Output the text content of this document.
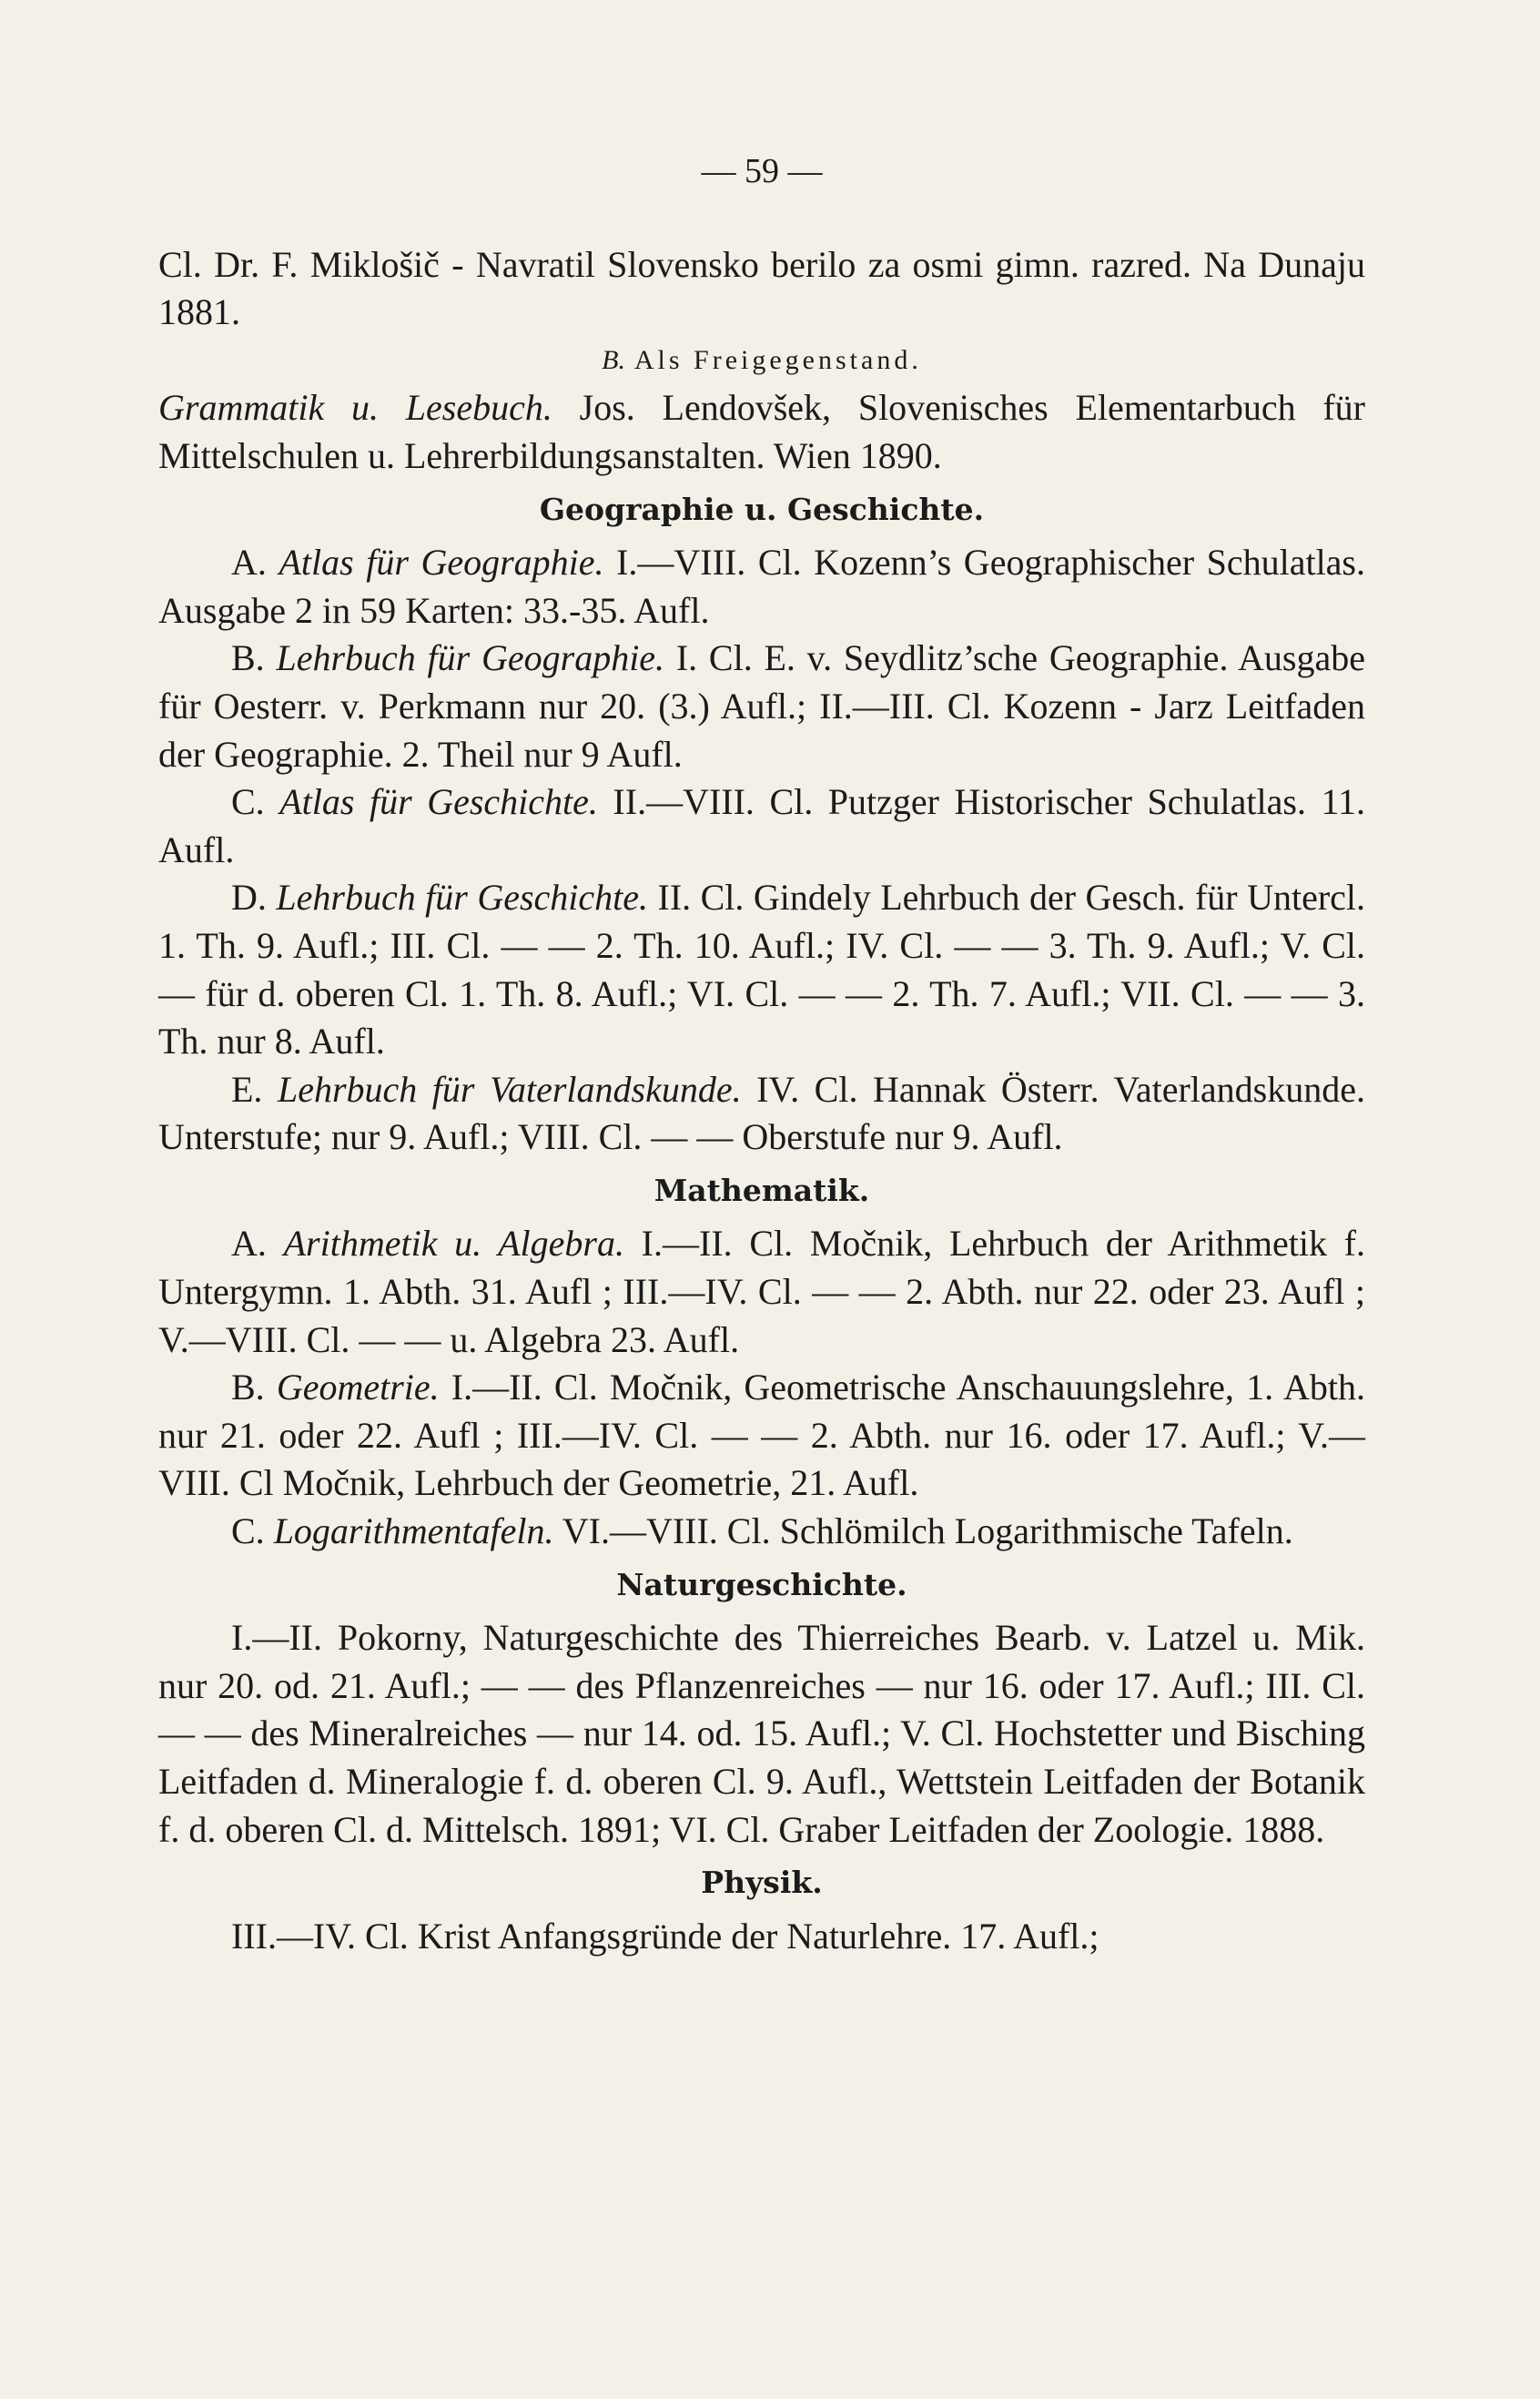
— 59 —

Cl. Dr. F. Miklošič - Navratil Slovensko berilo za osmi gimn. razred. Na Dunaju 1881.

B. Als Freigegenstand.

Grammatik u. Lesebuch. Jos. Lendovšek, Slovenisches Elementarbuch für Mittelschulen u. Lehrerbildungsanstalten. Wien 1890.

Geographie u. Geschichte.

A. Atlas für Geographie. I.—VIII. Cl. Kozenn’s Geographischer Schulatlas. Ausgabe 2 in 59 Karten: 33.-35. Aufl.

B. Lehrbuch für Geographie. I. Cl. E. v. Seydlitz’sche Geographie. Ausgabe für Oesterr. v. Perkmann nur 20. (3.) Aufl.; II.—III. Cl. Kozenn - Jarz Leitfaden der Geographie. 2. Theil nur 9 Aufl.

C. Atlas für Geschichte. II.—VIII. Cl. Putzger Historischer Schulatlas. 11. Aufl.

D. Lehrbuch für Geschichte. II. Cl. Gindely Lehrbuch der Gesch. für Untercl. 1. Th. 9. Aufl.; III. Cl. — — 2. Th. 10. Aufl.; IV. Cl. — — 3. Th. 9. Aufl.; V. Cl. — für d. oberen Cl. 1. Th. 8. Aufl.; VI. Cl. — — 2. Th. 7. Aufl.; VII. Cl. — — 3. Th. nur 8. Aufl.

E. Lehrbuch für Vaterlandskunde. IV. Cl. Hannak Österr. Vaterlandskunde. Unterstufe; nur 9. Aufl.; VIII. Cl. — — Oberstufe nur 9. Aufl.

Mathematik.

A. Arithmetik u. Algebra. I.—II. Cl. Močnik, Lehrbuch der Arithmetik f. Untergymn. 1. Abth. 31. Aufl ; III.—IV. Cl. — — 2. Abth. nur 22. oder 23. Aufl ; V.—VIII. Cl. — — u. Algebra 23. Aufl.

B. Geometrie. I.—II. Cl. Močnik, Geometrische Anschauungslehre, 1. Abth. nur 21. oder 22. Aufl ; III.—IV. Cl. — — 2. Abth. nur 16. oder 17. Aufl.; V.—VIII. Cl Močnik, Lehrbuch der Geometrie, 21. Aufl.

C. Logarithmentafeln. VI.—VIII. Cl. Schlömilch Logarithmische Tafeln.

Naturgeschichte.

I.—II. Pokorny, Naturgeschichte des Thierreiches Bearb. v. Latzel u. Mik. nur 20. od. 21. Aufl.; — — des Pflanzenreiches — nur 16. oder 17. Aufl.; III. Cl. — — des Mineralreiches — nur 14. od. 15. Aufl.; V. Cl. Hochstetter und Bisching Leitfaden d. Mineralogie f. d. oberen Cl. 9. Aufl., Wettstein Leitfaden der Botanik f. d. oberen Cl. d. Mittelsch. 1891; VI. Cl. Graber Leitfaden der Zoologie. 1888.

Physik.

III.—IV. Cl. Krist Anfangsgründe der Naturlehre. 17. Aufl.;
